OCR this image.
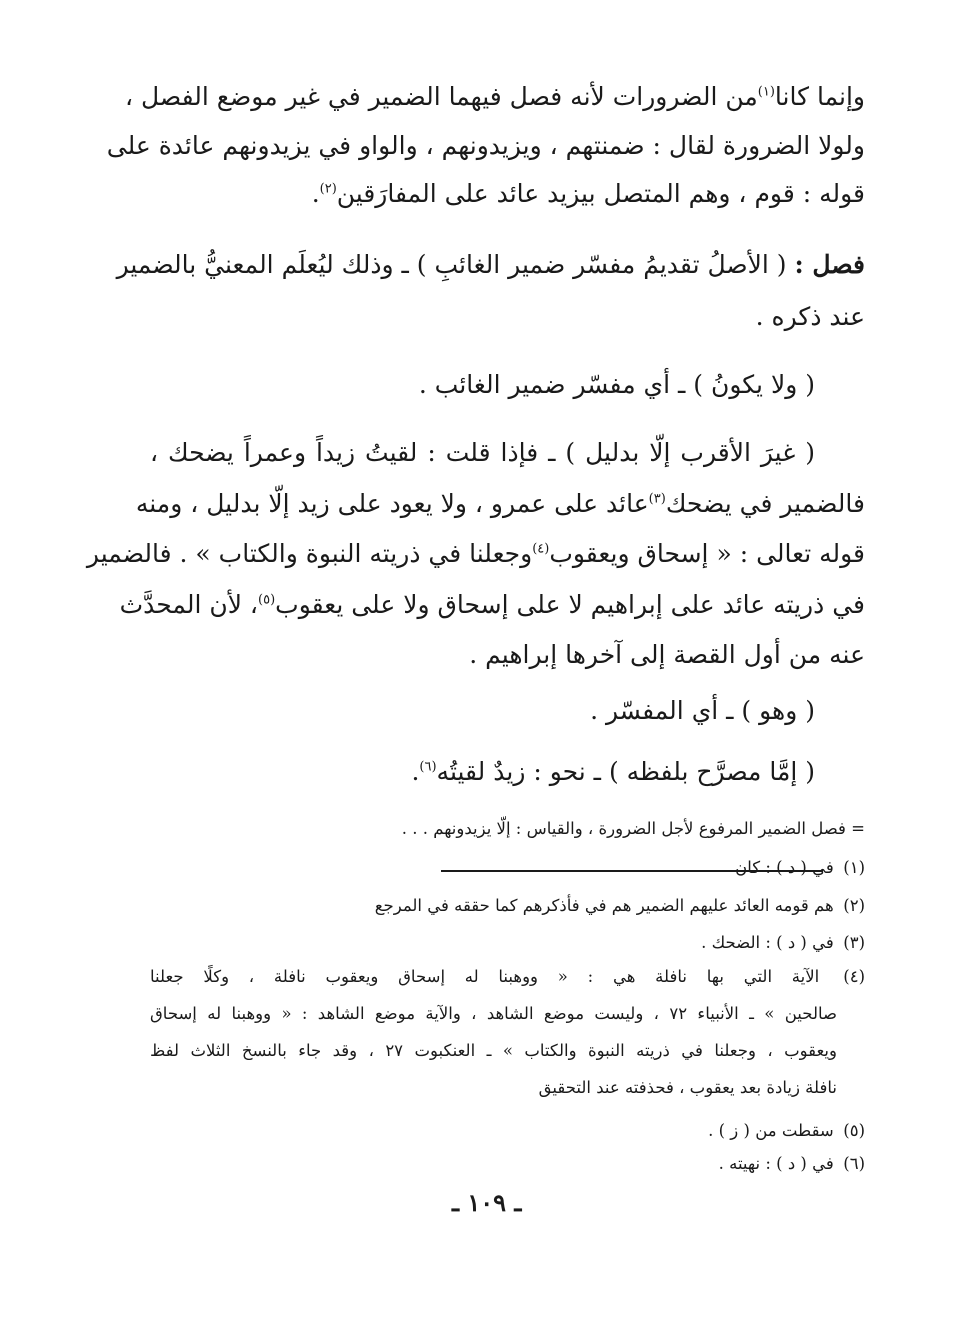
وإنما كانا$^{(١)}$من الضرورات لأنه فصل فيهما الضمير في غير موضع الفصل ،
ولولا الضرورة لقال : ضمنتهم ، ويزيدونهم ، والواو في يزيدونهم عائدة على
قوله : قوم ، وهم المتصل بيزيد عائد على المفارَقين$^{(٢)}$.
فصل : ( الأصلُ تقديمُ مفسّر ضمير الغائبِ ) ـ وذلك ليُعلَم المعنيُّ بالضمير
عند ذكره .
( ولا يكونُ ) ـ أي مفسّر ضمير الغائب .
( غيرَ الأقرب إلّا بدليل ) ـ فإذا قلت : لقيتُ زيداً وعمراً يضحك ،
فالضمير في يضحك$^{(٣)}$عائد على عمرو ، ولا يعود على زيد إلّا بدليل ، ومنه
قوله تعالى : « إسحاق ويعقوب$^{(٤)}$وجعلنا في ذريته النبوة والكتاب » . فالضمير
في ذريته عائد على إبراهيم لا على إسحاق ولا على يعقوب$^{(٥)}$، لأن المحدَّث
عنه من أول القصة إلى آخرها إبراهيم .
( وهو ) ـ أي المفسّر .
( إمَّا مصرَّح بلفظه ) ـ نحو : زيدٌ لقيتُه$^{(٦)}$.
= فصل الضمير المرفوع لأجل الضرورة ، والقياس : إلّا يزيدونهم . . .
(١) في ( د ) : كان
(٢) هم قومه العائد عليهم الضمير هم في فأذكرهم كما حققه في المرجع
(٣) في ( د ) : الضحك .
(٤) الآية التي بها نافلة هي : « ووهبنا له إسحاق ويعقوب نافلة ، وكلًا جعلنا
صالحين » ـ الأنبياء ٧٢ ، وليست موضع الشاهد ، والآية موضع الشاهد : « ووهبنا له إسحاق
ويعقوب ، وجعلنا في ذريته النبوة والكتاب » ـ العنكبوت ٢٧ ، وقد جاء بالنسخ الثلاث لفظ
نافلة زيادة بعد يعقوب ، فحذفته عند التحقيق
(٥) سقطت من ( ز ) .
(٦) في ( د ) : نهيته .
ـ ١٠٩ ـ
